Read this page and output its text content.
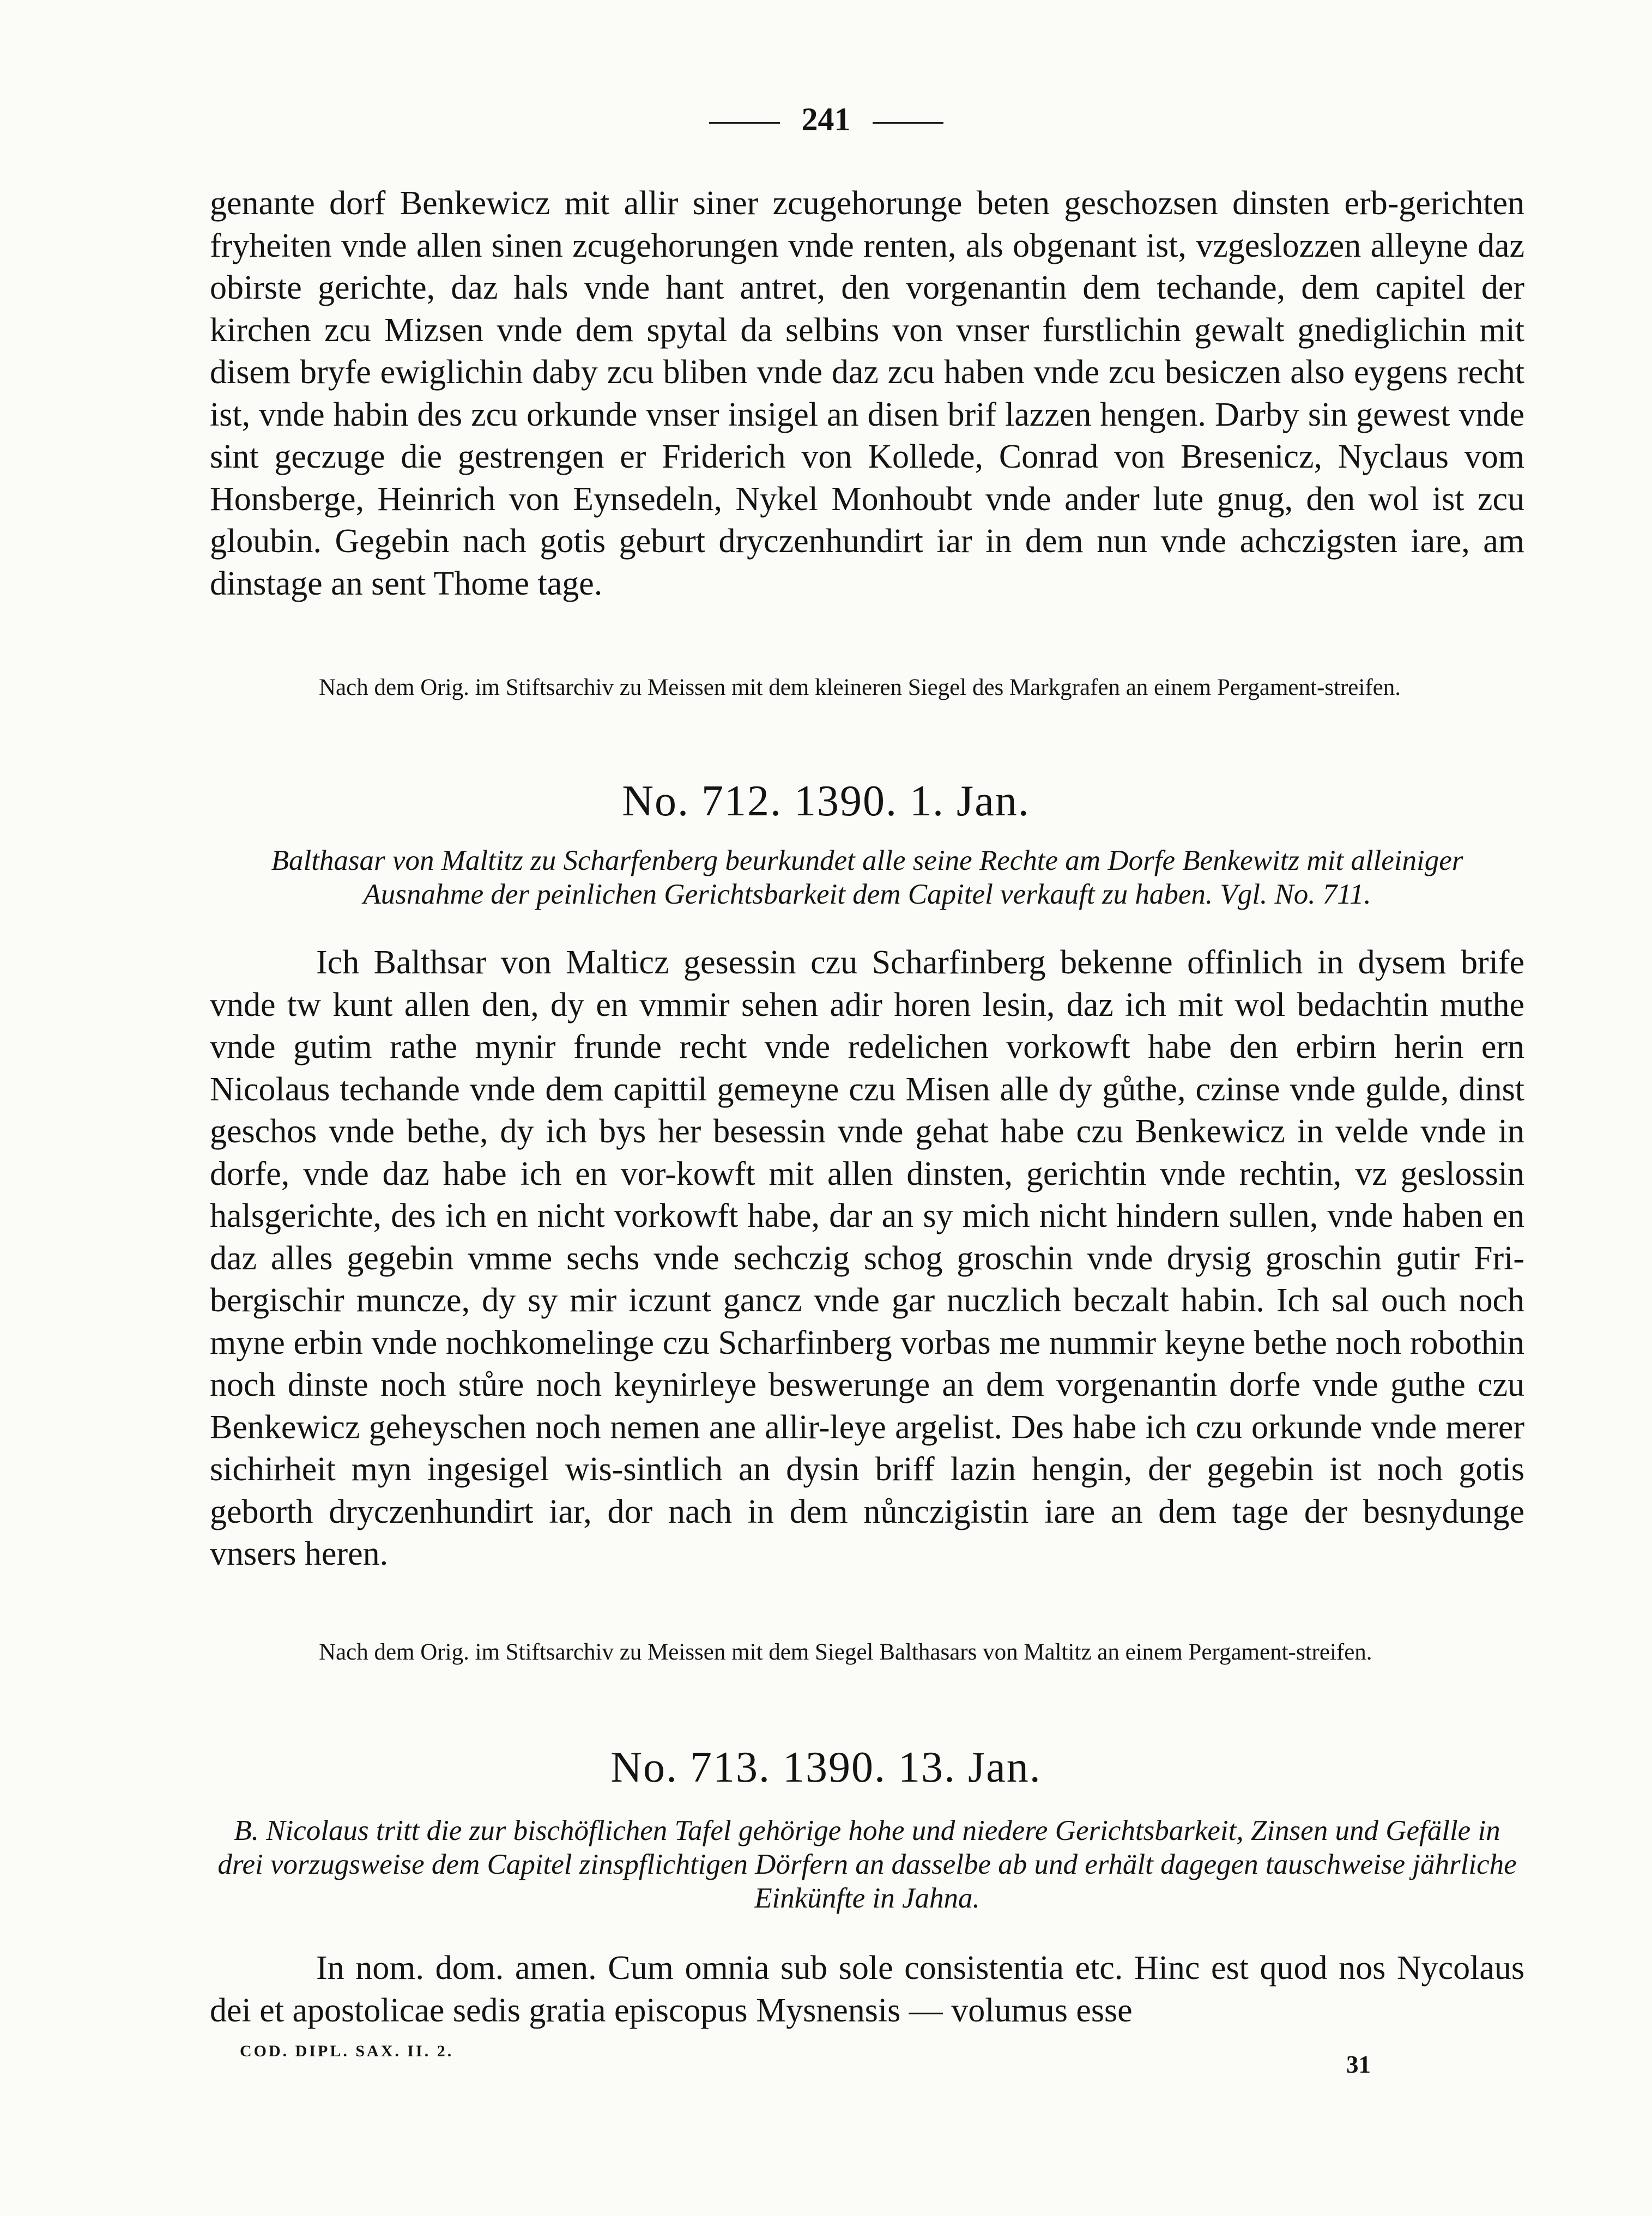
241

genante dorf Benkewicz mit allir siner zcugehorunge beten geschozsen dinsten erb-gerichten fryheiten vnde allen sinen zcugehorungen vnde renten, als obgenant ist, vzgeslozzen alleyne daz obirste gerichte, daz hals vnde hant antret, den vorgenantin dem techande, dem capitel der kirchen zcu Mizsen vnde dem spytal da selbins von vnser furstlichin gewalt gnediglichin mit disem bryfe ewiglichin daby zcu bliben vnde daz zcu haben vnde zcu besiczen also eygens recht ist, vnde habin des zcu orkunde vnser insigel an disen brif lazzen hengen. Darby sin gewest vnde sint geczuge die gestrengen er Friderich von Kollede, Conrad von Bresenicz, Nyclaus vom Honsberge, Heinrich von Eynsedeln, Nykel Monhoubt vnde ander lute gnug, den wol ist zcu gloubin. Gegebin nach gotis geburt dryczenhundirt iar in dem nun vnde achczigsten iare, am dinstage an sent Thome tage.

Nach dem Orig. im Stiftsarchiv zu Meissen mit dem kleineren Siegel des Markgrafen an einem Pergament-streifen.

No. 712. 1390. 1. Jan.

Balthasar von Maltitz zu Scharfenberg beurkundet alle seine Rechte am Dorfe Benkewitz mit alleiniger Ausnahme der peinlichen Gerichtsbarkeit dem Capitel verkauft zu haben. Vgl. No. 711.

Ich Balthsar von Malticz gesessin czu Scharfinberg bekenne offinlich in dysem brife vnde tw kunt allen den, dy en vmmir sehen adir horen lesin, daz ich mit wol bedachtin muthe vnde gutim rathe mynir frunde recht vnde redelichen vorkowft habe den erbirn herin ern Nicolaus techande vnde dem capittil gemeyne czu Misen alle dy gůthe, czinse vnde gulde, dinst geschos vnde bethe, dy ich bys her besessin vnde gehat habe czu Benkewicz in velde vnde in dorfe, vnde daz habe ich en vor-kowft mit allen dinsten, gerichtin vnde rechtin, vz geslossin halsgerichte, des ich en nicht vorkowft habe, dar an sy mich nicht hindern sullen, vnde haben en daz alles gegebin vmme sechs vnde sechczig schog groschin vnde drysig groschin gutir Fri-bergischir muncze, dy sy mir iczunt gancz vnde gar nuczlich beczalt habin. Ich sal ouch noch myne erbin vnde nochkomelinge czu Scharfinberg vorbas me nummir keyne bethe noch robothin noch dinste noch stůre noch keynirleye beswerunge an dem vorgenantin dorfe vnde guthe czu Benkewicz geheyschen noch nemen ane allir-leye argelist. Des habe ich czu orkunde vnde merer sichirheit myn ingesigel wis-sintlich an dysin briff lazin hengin, der gegebin ist noch gotis geborth dryczenhundirt iar, dor nach in dem nůnczigistin iare an dem tage der besnydunge vnsers heren.

Nach dem Orig. im Stiftsarchiv zu Meissen mit dem Siegel Balthasars von Maltitz an einem Pergament-streifen.

No. 713. 1390. 13. Jan.

B. Nicolaus tritt die zur bischöflichen Tafel gehörige hohe und niedere Gerichtsbarkeit, Zinsen und Gefälle in drei vorzugsweise dem Capitel zinspflichtigen Dörfern an dasselbe ab und erhält dagegen tauschweise jährliche Einkünfte in Jahna.

In nom. dom. amen. Cum omnia sub sole consistentia etc. Hinc est quod nos Nycolaus dei et apostolicae sedis gratia episcopus Mysnensis — volumus esse

COD. DIPL. SAX. II. 2.	31
